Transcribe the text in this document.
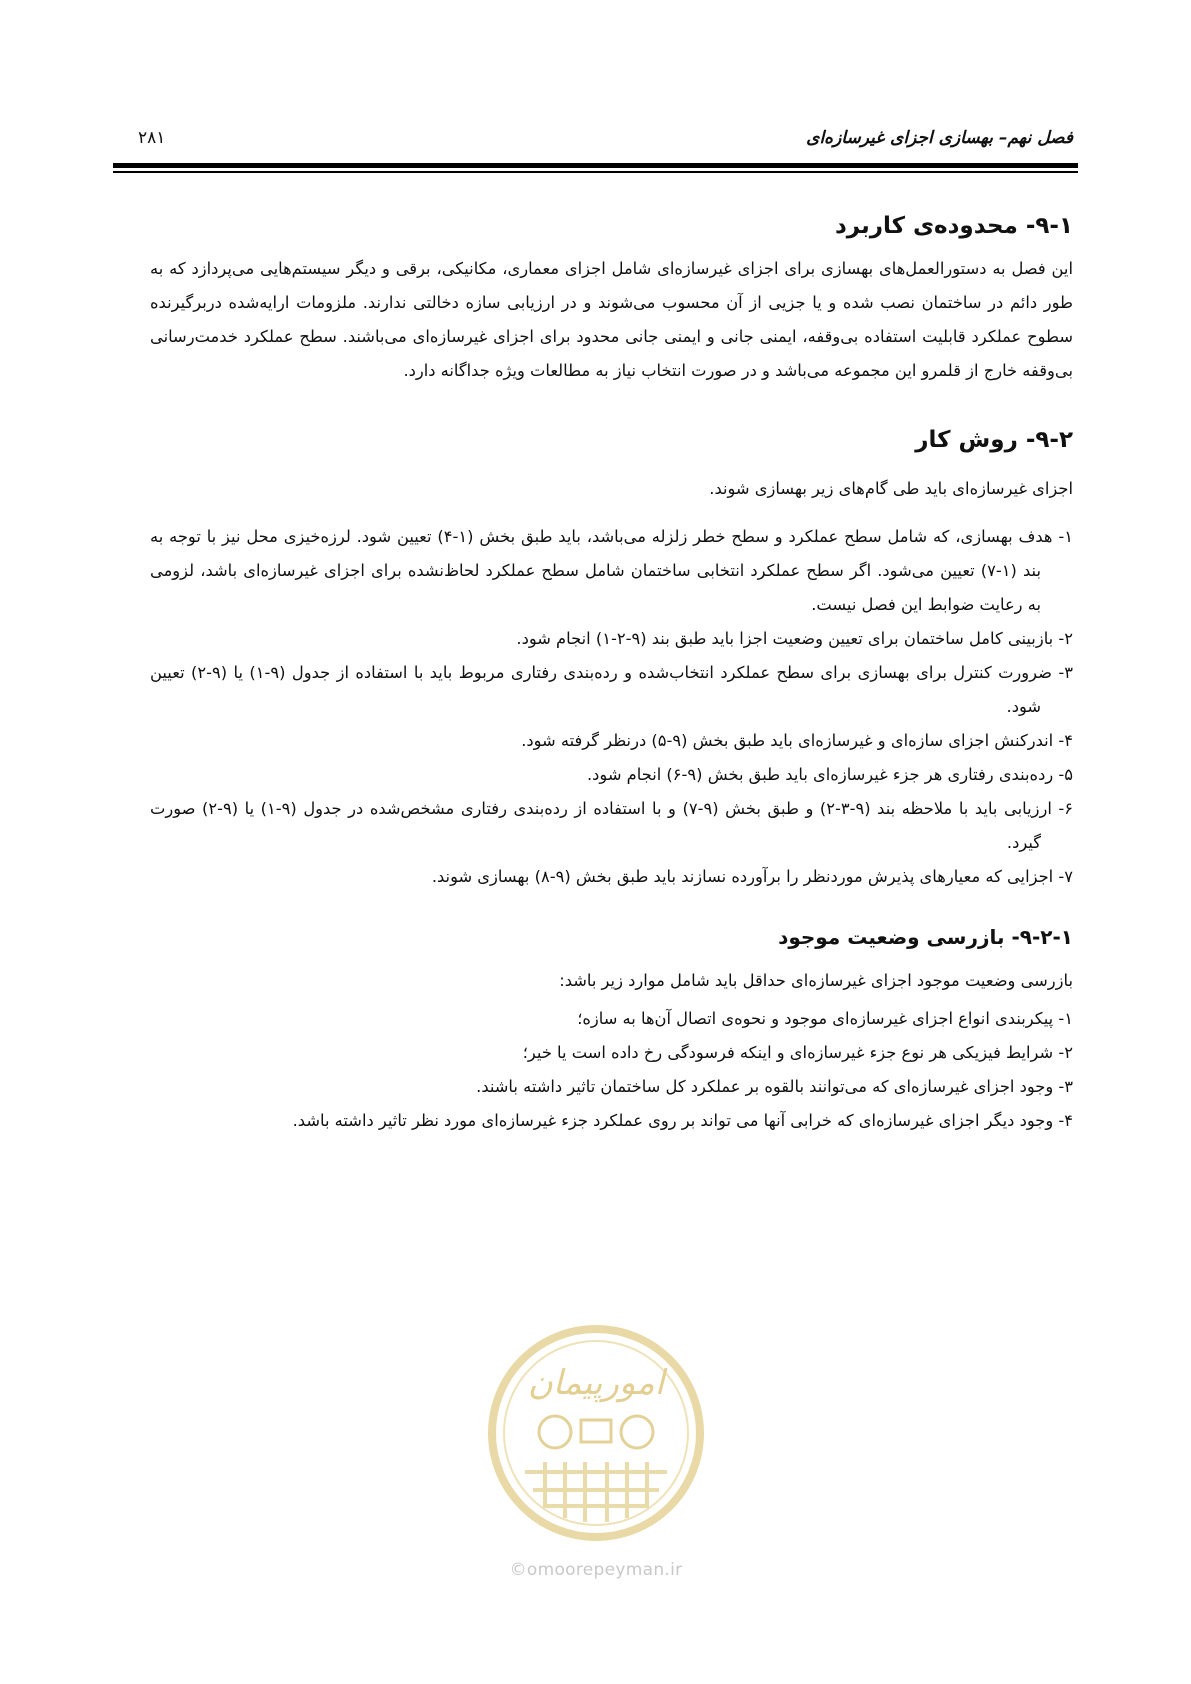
فصل نهم– بهسازی اجزای غیرسازه‌ای
۲۸۱
۹-۱- محدوده‌ی کاربرد

این فصل به دستورالعمل‌های بهسازی برای اجزای غیرسازه‌ای شامل اجزای معماری، مکانیکی، برقی و دیگر سیستم‌هایی می‌پردازد که به طور دائم در ساختمان نصب شده و یا جزیی از آن محسوب می‌شوند و در ارزیابی سازه دخالتی ندارند. ملزومات ارایه‌شده دربرگیرنده سطوح عملکرد قابلیت استفاده بی‌وقفه، ایمنی جانی و ایمنی جانی محدود برای اجزای غیرسازه‌ای می‌باشند. سطح عملکرد خدمت‌رسانی بی‌وقفه خارج از قلمرو این مجموعه می‌باشد و در صورت انتخاب نیاز به مطالعات ویژه جداگانه دارد.

۹-۲- روش کار

اجزای غیرسازه‌ای باید طی گام‌های زیر بهسازی شوند.

۱- هدف بهسازی، که شامل سطح عملکرد و سطح خطر زلزله می‌باشد، باید طبق بخش (۱-۴) تعیین شود. لرزه‌خیزی محل نیز با توجه به بند (۱-۷) تعیین می‌شود. اگر سطح عملکرد انتخابی ساختمان شامل سطح عملکرد لحاظ‌نشده برای اجزای غیرسازه‌ای باشد، لزومی به رعایت ضوابط این فصل نیست.
۲- بازبینی کامل ساختمان برای تعیین وضعیت اجزا باید طبق بند (۹-۲-۱) انجام شود.
۳- ضرورت کنترل برای بهسازی برای سطح عملکرد انتخاب‌شده و رده‌بندی رفتاری مربوط باید با استفاده از جدول (۹-۱) یا (۹-۲) تعیین شود.
۴- اندرکنش اجزای سازه‌ای و غیرسازه‌ای باید طبق بخش (۹-۵) درنظر گرفته شود.
۵- رده‌بندی رفتاری هر جزء غیرسازه‌ای باید طبق بخش (۹-۶) انجام شود.
۶- ارزیابی باید با ملاحظه بند (۹-۳-۲) و طبق بخش (۹-۷) و با استفاده از رده‌بندی رفتاری مشخص‌شده در جدول (۹-۱) یا (۹-۲) صورت گیرد.
۷- اجزایی که معیارهای پذیرش موردنظر را برآورده نسازند باید طبق بخش (۹-۸) بهسازی شوند.
۹-۲-۱- بازرسی وضعیت موجود

بازرسی وضعیت موجود اجزای غیرسازه‌ای حداقل باید شامل موارد زیر باشد:

۱- پیکربندی انواع اجزای غیرسازه‌ای موجود و نحوه‌ی اتصال آن‌ها به سازه؛
۲- شرایط فیزیکی هر نوع جزء غیرسازه‌ای و اینکه فرسودگی رخ داده است یا خیر؛
۳- وجود اجزای غیرسازه‌ای که می‌توانند بالقوه بر عملکرد کل ساختمان تاثیر داشته باشند.
۴- وجود دیگر اجزای غیرسازه‌ای که خرابی آنها می تواند بر روی عملکرد جزء غیرسازه‌ای مورد نظر تاثیر داشته باشد.
امورپیمان
©omoorepeyman.ir
